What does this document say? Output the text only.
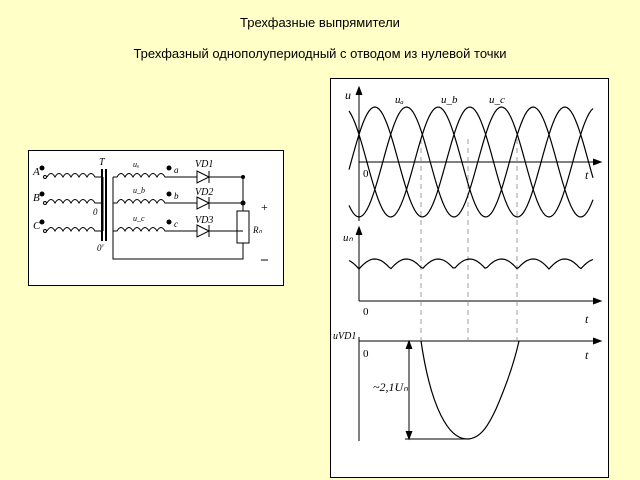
Трехфазные выпрямители
Трехфазный однополупериодный с отводом из нулевой точки
A
B
C
T
0
0'
uₐ
u_b
u_c
a
b
c
VD1
VD2
VD3
Rₙ
+
–
u	uₐ	u_b	u_c
0	t
uₙ
0	t
uVD1
0	t
~2,1Uₙ
